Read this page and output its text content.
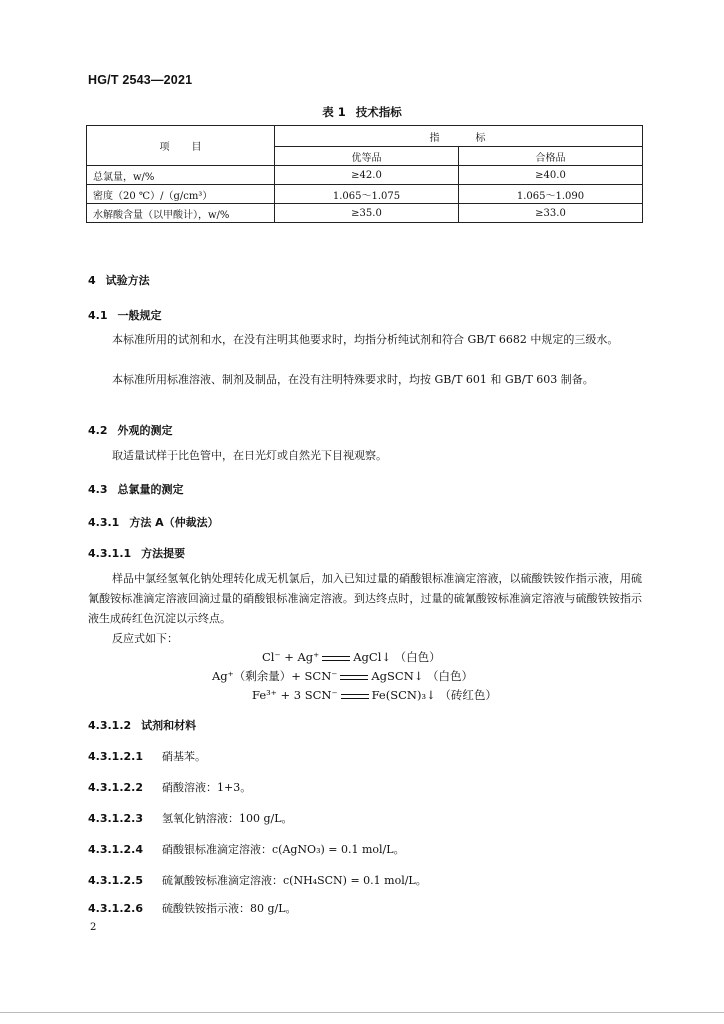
HG/T 2543—2021
表 1 技术指标
项目	指标	
	优等品	合格品
总氯量，w/%	≥42.0	≥40.0
密度（20 ℃）/（g/cm³）	1.065～1.075	1.065～1.090
水解酸含量（以甲酸计），w/%	≥35.0	≥33.0
4 试验方法
4.1 一般规定
本标准所用的试剂和水，在没有注明其他要求时，均指分析纯试剂和符合 GB/T 6682 中规定的三级水。
本标准所用标准溶液、制剂及制品，在没有注明特殊要求时，均按 GB/T 601 和 GB/T 603 制备。
4.2 外观的测定
取适量试样于比色管中，在日光灯或自然光下目视观察。
4.3 总氯量的测定
4.3.1 方法 A（仲裁法）
4.3.1.1 方法提要
样品中氯经氢氧化钠处理转化成无机氯后，加入已知过量的硝酸银标准滴定溶液，以硫酸铁铵作指示液，用硫氰酸铵标准滴定溶液回滴过量的硝酸银标准滴定溶液。到达终点时，过量的硫氰酸铵标准滴定溶液与硫酸铁铵指示液生成砖红色沉淀以示终点。
反应式如下：
Cl⁻ + Ag⁺	AgCl↓ （白色）
Ag⁺（剩余量）+ SCN⁻	AgSCN↓ （白色）
Fe³⁺ + 3 SCN⁻	Fe(SCN)₃↓ （砖红色）
4.3.1.2 试剂和材料
4.3.1.2.1 硝基苯。
4.3.1.2.2 硝酸溶液：1+3。
4.3.1.2.3 氢氧化钠溶液：100 g/L。
4.3.1.2.4 硝酸银标准滴定溶液：c(AgNO₃) = 0.1 mol/L。
4.3.1.2.5 硫氰酸铵标准滴定溶液：c(NH₄SCN) = 0.1 mol/L。
4.3.1.2.6 硫酸铁铵指示液：80 g/L。
2
